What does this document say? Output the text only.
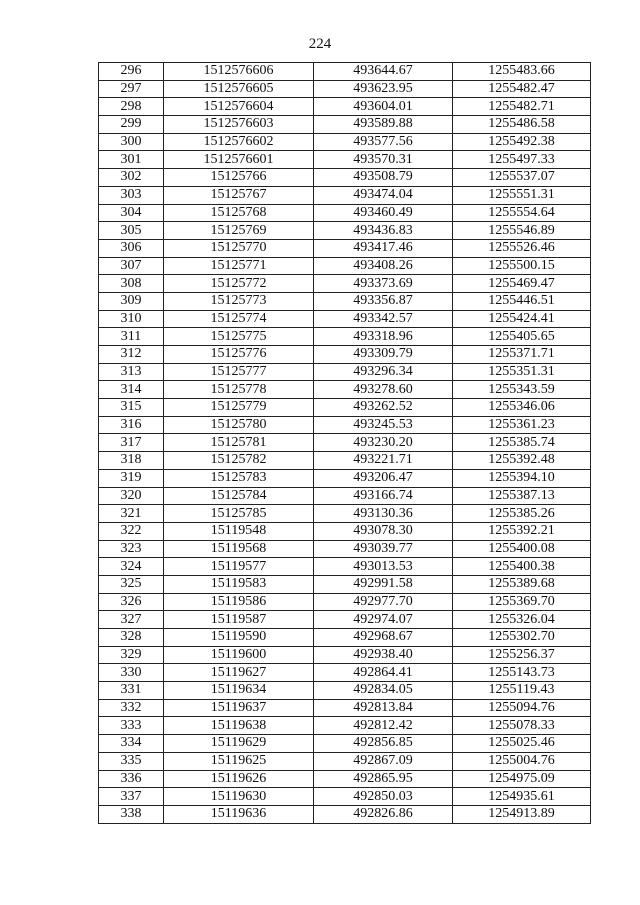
224
296	1512576606	493644.67	1255483.66
297	1512576605	493623.95	1255482.47
298	1512576604	493604.01	1255482.71
299	1512576603	493589.88	1255486.58
300	1512576602	493577.56	1255492.38
301	1512576601	493570.31	1255497.33
302	15125766	493508.79	1255537.07
303	15125767	493474.04	1255551.31
304	15125768	493460.49	1255554.64
305	15125769	493436.83	1255546.89
306	15125770	493417.46	1255526.46
307	15125771	493408.26	1255500.15
308	15125772	493373.69	1255469.47
309	15125773	493356.87	1255446.51
310	15125774	493342.57	1255424.41
311	15125775	493318.96	1255405.65
312	15125776	493309.79	1255371.71
313	15125777	493296.34	1255351.31
314	15125778	493278.60	1255343.59
315	15125779	493262.52	1255346.06
316	15125780	493245.53	1255361.23
317	15125781	493230.20	1255385.74
318	15125782	493221.71	1255392.48
319	15125783	493206.47	1255394.10
320	15125784	493166.74	1255387.13
321	15125785	493130.36	1255385.26
322	15119548	493078.30	1255392.21
323	15119568	493039.77	1255400.08
324	15119577	493013.53	1255400.38
325	15119583	492991.58	1255389.68
326	15119586	492977.70	1255369.70
327	15119587	492974.07	1255326.04
328	15119590	492968.67	1255302.70
329	15119600	492938.40	1255256.37
330	15119627	492864.41	1255143.73
331	15119634	492834.05	1255119.43
332	15119637	492813.84	1255094.76
333	15119638	492812.42	1255078.33
334	15119629	492856.85	1255025.46
335	15119625	492867.09	1255004.76
336	15119626	492865.95	1254975.09
337	15119630	492850.03	1254935.61
338	15119636	492826.86	1254913.89
